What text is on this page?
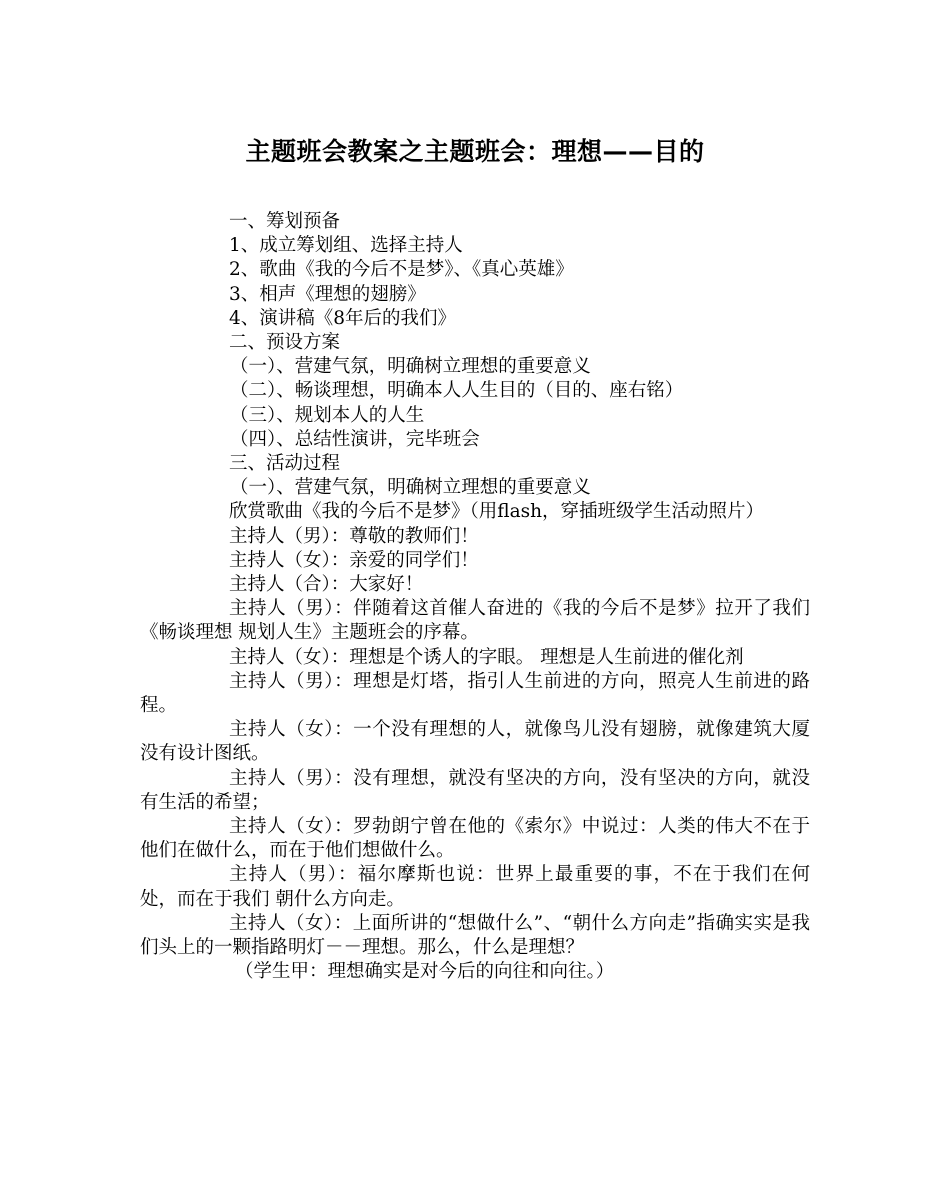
主题班会教案之主题班会：理想——目的
一、筹划预备
1、成立筹划组、选择主持人
2、歌曲《我的今后不是梦》、《真心英雄》
3、相声《理想的翅膀》
4、演讲稿《8年后的我们》
二、预设方案
（一）、营建气氛，明确树立理想的重要意义
（二）、畅谈理想，明确本人人生目的（目的、座右铭）
（三）、规划本人的人生
（四）、总结性演讲，完毕班会
三、活动过程
（一）、营建气氛，明确树立理想的重要意义
欣赏歌曲《我的今后不是梦》（用flash，穿插班级学生活动照片）
主持人（男）：尊敬的教师们！
主持人（女）：亲爱的同学们！
主持人（合）：大家好！
主持人（男）：伴随着这首催人奋进的《我的今后不是梦》拉开了我们《畅谈理想 规划人生》主题班会的序幕。
主持人（女）：理想是个诱人的字眼。 理想是人生前进的催化剂
主持人（男）：理想是灯塔，指引人生前进的方向，照亮人生前进的路程。
主持人（女）：一个没有理想的人，就像鸟儿没有翅膀，就像建筑大厦没有设计图纸。
主持人（男）：没有理想，就没有坚决的方向，没有坚决的方向，就没有生活的希望；
主持人（女）：罗勃朗宁曾在他的《索尔》中说过：人类的伟大不在于他们在做什么，而在于他们想做什么。
主持人（男）：福尔摩斯也说：世界上最重要的事，不在于我们在何处，而在于我们 朝什么方向走。
主持人（女）：上面所讲的“想做什么”、“朝什么方向走”指确实实是我们头上的一颗指路明灯－－理想。那么，什么是理想？
（学生甲：理想确实是对今后的向往和向往。）
